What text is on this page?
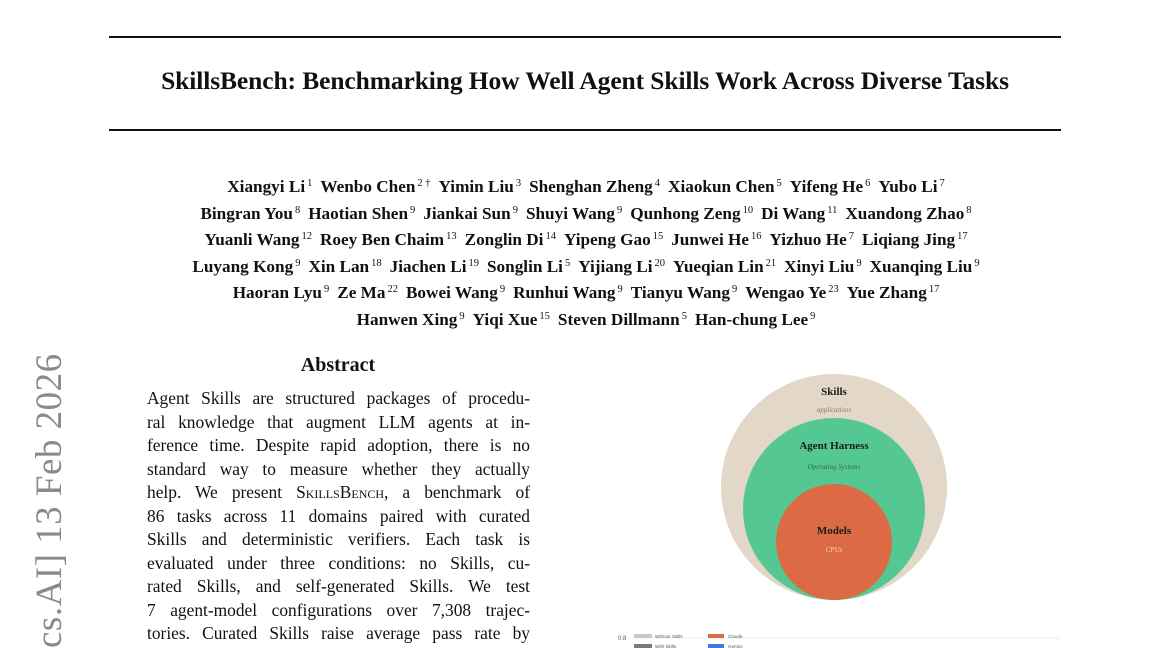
SkillsBench: Benchmarking How Well Agent Skills Work Across Diverse Tasks
Xiangyi Li $^1$ Wenbo Chen $^{2 \dagger}$ Yimin Liu $^3$ Shenghan Zheng $^4$ Xiaokun Chen $^5$ Yifeng He $^6$ Yubo Li $^7$
Bingran You $^8$ Haotian Shen $^9$ Jiankai Sun $^9$ Shuyi Wang $^9$ Qunhong Zeng $^{10}$ Di Wang $^{11}$ Xuandong Zhao $^8$
Yuanli Wang $^{12}$ Roey Ben Chaim $^{13}$ Zonglin Di $^{14}$ Yipeng Gao $^{15}$ Junwei He $^{16}$ Yizhuo He $^7$ Liqiang Jing $^{17}$
Luyang Kong $^9$ Xin Lan $^{18}$ Jiachen Li $^{19}$ Songlin Li $^5$ Yijiang Li $^{20}$ Yueqian Lin $^{21}$ Xinyi Liu $^9$ Xuanqing Liu $^9$
Haoran Lyu $^9$ Ze Ma $^{22}$ Bowei Wang $^9$ Runhui Wang $^9$ Tianyu Wang $^9$ Wengao Ye $^{23}$ Yue Zhang $^{17}$
Hanwen Xing $^9$ Yiqi Xue $^{15}$ Steven Dillmann $^5$ Han-chung Lee $^9$
cs.AI] 13 Feb 2026	Abstract
Agent Skills are structured packages of procedu-
ral knowledge that augment LLM agents at in-
ference time. Despite rapid adoption, there is no
standard way to measure whether they actually
help. We present SkillsBench, a benchmark of
86 tasks across 11 domains paired with curated
Skills and deterministic verifiers. Each task is
evaluated under three conditions: no Skills, cu-
rated Skills, and self-generated Skills. We test
7 agent-model configurations over 7,308 trajec-
tories. Curated Skills raise average pass rate by
Skills
applications
Agent Harness
Operating Systems
Models
CPUs
0.8	Without Skills	Claude
With Skills	Gemini
